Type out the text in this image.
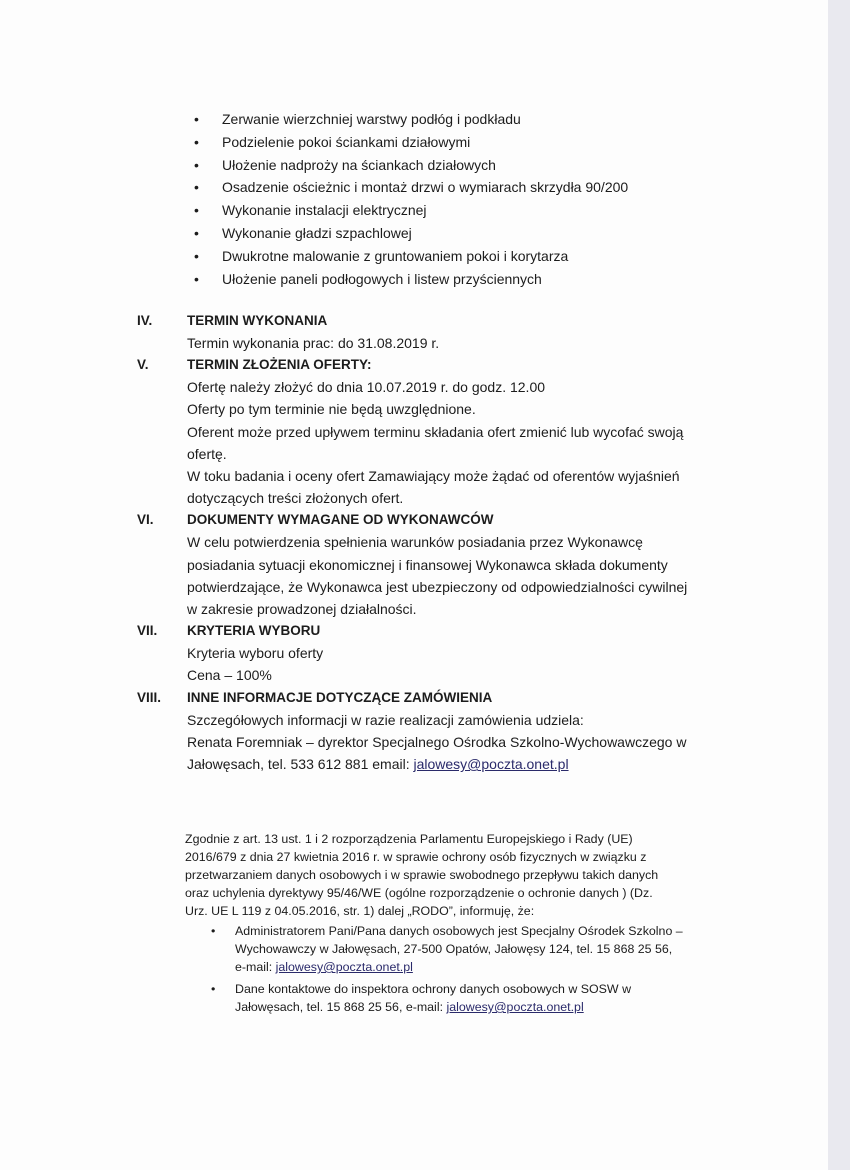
• Zerwanie wierzchniej warstwy podłóg i podkładu
• Podzielenie pokoi ściankami działowymi
• Ułożenie nadproży na ściankach działowych
• Osadzenie ościeżnic i montaż drzwi o wymiarach skrzydła 90/200
• Wykonanie instalacji elektrycznej
• Wykonanie gładzi szpachlowej
• Dwukrotne malowanie z gruntowaniem pokoi i korytarza
• Ułożenie paneli podłogowych i listew przyściennych
IV.	TERMIN WYKONANIA
Termin wykonania prac: do 31.08.2019 r.
V.	TERMIN ZŁOŻENIA OFERTY:
Ofertę należy złożyć do dnia 10.07.2019 r. do godz. 12.00
Oferty po tym terminie nie będą uwzględnione.
Oferent może przed upływem terminu składania ofert zmienić lub wycofać swoją
ofertę.
W toku badania i oceny ofert Zamawiający może żądać od oferentów wyjaśnień
dotyczących treści złożonych ofert.
VI. DOKUMENTY WYMAGANE OD WYKONAWCÓW
W celu potwierdzenia spełnienia warunków posiadania przez Wykonawcę
posiadania sytuacji ekonomicznej i finansowej Wykonawca składa dokumenty
potwierdzające, że Wykonawca jest ubezpieczony od odpowiedzialności cywilnej
w zakresie prowadzonej działalności.
VII. KRYTERIA WYBORU
Kryteria wyboru oferty
Cena – 100%
VIII. INNE INFORMACJE DOTYCZĄCE ZAMÓWIENIA
Szczegółowych informacji w razie realizacji zamówienia udziela:
Renata Foremniak – dyrektor Specjalnego Ośrodka Szkolno-Wychowawczego w
Jałowęsach, tel. 533 612 881 email: jalowesy@poczta.onet.pl

Zgodnie z art. 13 ust. 1 i 2 rozporządzenia Parlamentu Europejskiego i Rady (UE)

2016/679 z dnia 27 kwietnia 2016 r. w sprawie ochrony osób fizycznych w związku z

przetwarzaniem danych osobowych i w sprawie swobodnego przepływu takich danych

oraz uchylenia dyrektywy 95/46/WE (ogólne rozporządzenie o ochronie danych ) (Dz.

Urz. UE L 119 z 04.05.2016, str. 1) dalej „RODO”, informuję, że:

• Administratorem Pani/Pana danych osobowych jest Specjalny Ośrodek Szkolno –
Wychowawczy w Jałowęsach, 27-500 Opatów, Jałowęsy 124, tel. 15 868 25 56,
e-mail: jalowesy@poczta.onet.pl
• Dane kontaktowe do inspektora ochrony danych osobowych w SOSW w
Jałowęsach, tel. 15 868 25 56, e-mail: jalowesy@poczta.onet.pl
